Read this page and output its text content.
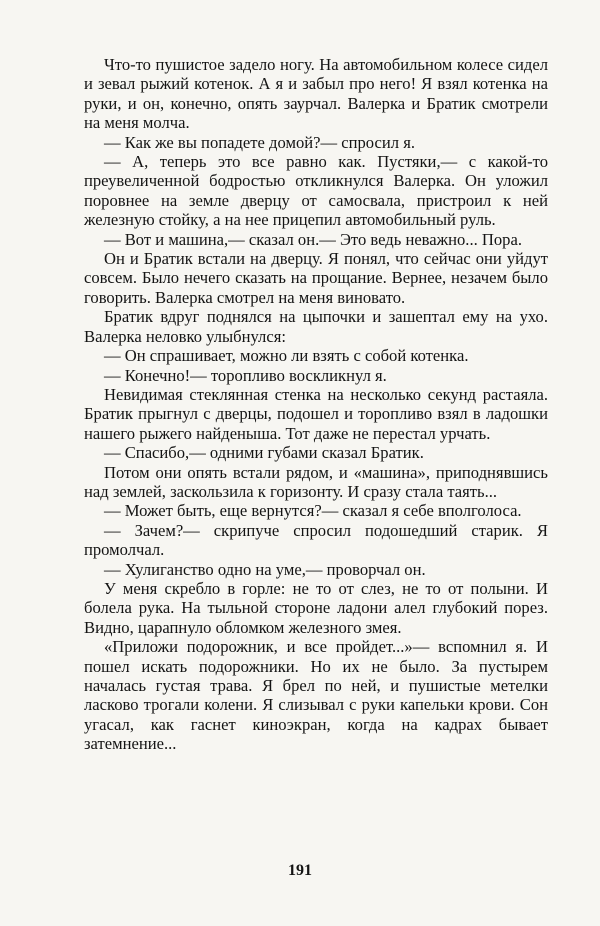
Что-то пушистое задело ногу. На автомобильном колесе сидел и зевал рыжий котенок. А я и забыл про него! Я взял котенка на руки, и он, конечно, опять заурчал. Валерка и Братик смотрели на меня молча.

— Как же вы попадете домой?— спросил я.

— А, теперь это все равно как. Пустяки,— с какой-то преувеличенной бодростью откликнулся Валерка. Он уложил поровнее на земле дверцу от самосвала, пристроил к ней железную стойку, а на нее прицепил автомобильный руль.

— Вот и машина,— сказал он.— Это ведь неважно... Пора.

Он и Братик встали на дверцу. Я понял, что сейчас они уйдут совсем. Было нечего сказать на прощание. Вернее, незачем было говорить. Валерка смотрел на меня виновато.

Братик вдруг поднялся на цыпочки и зашептал ему на ухо. Валерка неловко улыбнулся:

— Он спрашивает, можно ли взять с собой котенка.

— Конечно!— торопливо воскликнул я.

Невидимая стеклянная стенка на несколько секунд растаяла. Братик прыгнул с дверцы, подошел и торопливо взял в ладошки нашего рыжего найденыша. Тот даже не перестал урчать.

— Спасибо,— одними губами сказал Братик.

Потом они опять встали рядом, и «машина», приподнявшись над землей, заскользила к горизонту. И сразу стала таять...

— Может быть, еще вернутся?— сказал я себе вполголоса.

— Зачем?— скрипуче спросил подошедший старик. Я промолчал.

— Хулиганство одно на уме,— проворчал он.

У меня скребло в горле: не то от слез, не то от полыни. И болела рука. На тыльной стороне ладони алел глубокий порез. Видно, царапнуло обломком железного змея.

«Приложи подорожник, и все пройдет...»— вспомнил я. И пошел искать подорожники. Но их не было. За пустырем началась густая трава. Я брел по ней, и пушистые метелки ласково трогали колени. Я слизывал с руки капельки крови. Сон угасал, как гаснет киноэкран, когда на кадрах бывает затемнение...

191
